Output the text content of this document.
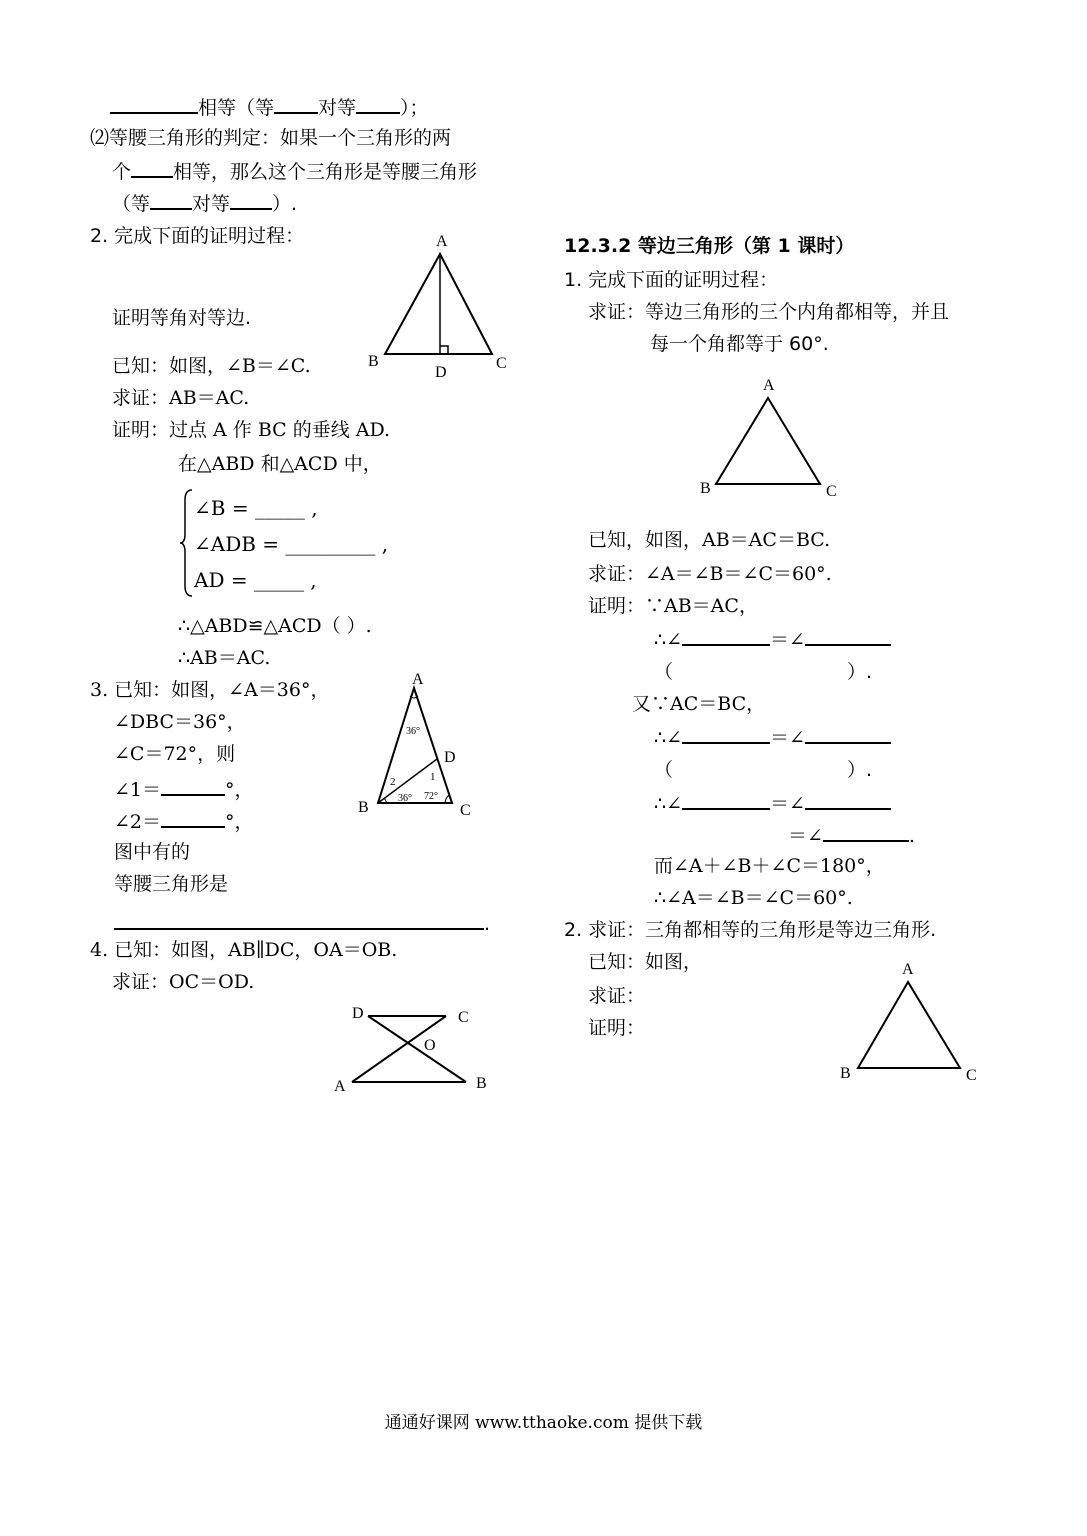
相等（等 对等 ）；
⑵等腰三角形的判定：如果一个三角形的两
个 相等，那么这个三角形是等腰三角形
（等 对等 ）.
2. 完成下面的证明过程：
证明等角对等边.
已知：如图，∠B＝∠C.
求证：AB＝AC.
证明：过点 A 作 BC 的垂线 AD.
在△ABD 和△ACD 中，
∠B = _____ ,
∠ADB = _________ ,
AD = _____ ,
∴△ABD≌△ACD（ ）.
∴AB＝AC.
A
B	C
D
3. 已知：如图，∠A＝36°，
∠DBC＝36°，
∠C＝72°，则
∠1＝	°，
∠2＝	°，
图中有的
等腰三角形是
.
A
B	C
D
36°
36° 72°
1
2
4. 已知：如图，AB∥DC，OA＝OB.
求证：OC＝OD.
D	C
O
A	B
12.3.2 等边三角形（第 1 课时）
1. 完成下面的证明过程：
求证：等边三角形的三个内角都相等，并且
每一个角都等于 60°.
A
B	C
已知，如图，AB＝AC＝BC.
求证：∠A＝∠B＝∠C＝60°.
证明：∵AB＝AC，
∴∠	＝∠
（	）.
又∵AC＝BC，
∴∠	＝∠
（	）.
∴∠	＝∠
＝∠	.
而∠A＋∠B＋∠C＝180°，
∴∠A＝∠B＝∠C＝60°.
2. 求证：三角都相等的三角形是等边三角形.
已知：如图，
求证：
证明：
A
B	C
通通好课网 www.tthaoke.com 提供下载
